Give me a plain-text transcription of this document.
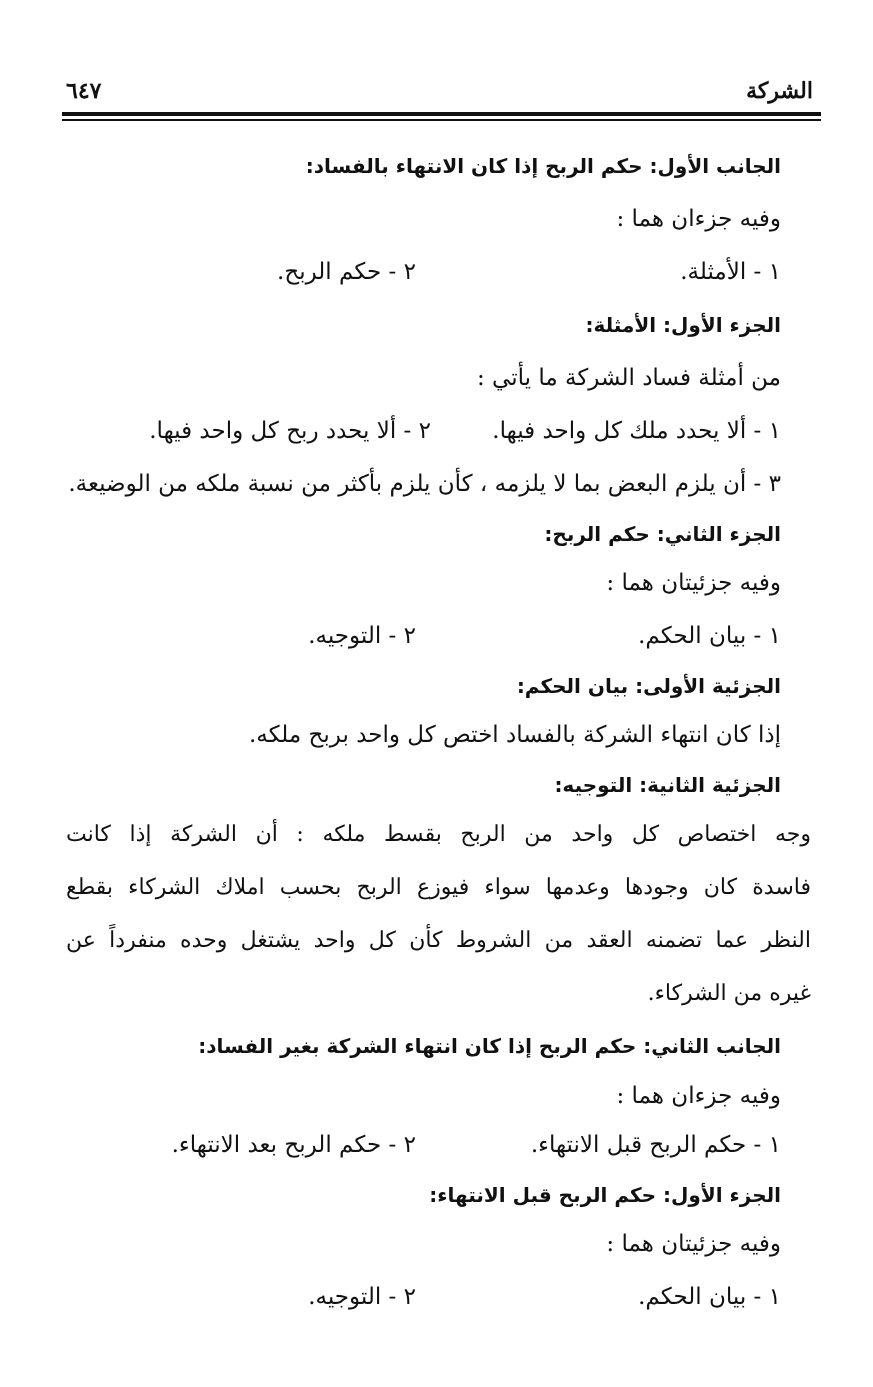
الشركة
٦٤٧
الجانب الأول: حكم الربح إذا كان الانتهاء بالفساد:
وفيه جزءان هما :
١ - الأمثلة.
٢ - حكم الربح.
الجزء الأول: الأمثلة:
من أمثلة فساد الشركة ما يأتي :
١ - ألا يحدد ملك كل واحد فيها.
٢ - ألا يحدد ربح كل واحد فيها.
٣ - أن يلزم البعض بما لا يلزمه ، كأن يلزم بأكثر من نسبة ملكه من الوضيعة.
الجزء الثاني: حكم الربح:
وفيه جزئيتان هما :
١ - بيان الحكم.
٢ - التوجيه.
الجزئية الأولى: بيان الحكم:
إذا كان انتهاء الشركة بالفساد اختص كل واحد بربح ملكه.
الجزئية الثانية: التوجيه:
وجه اختصاص كل واحد من الربح بقسط ملكه : أن الشركة إذا كانت
فاسدة كان وجودها وعدمها سواء فيوزع الربح بحسب املاك الشركاء بقطع
النظر عما تضمنه العقد من الشروط كأن كل واحد يشتغل وحده منفرداً عن
غيره من الشركاء.
الجانب الثاني: حكم الربح إذا كان انتهاء الشركة بغير الفساد:
وفيه جزءان هما :
١ - حكم الربح قبل الانتهاء.
٢ - حكم الربح بعد الانتهاء.
الجزء الأول: حكم الربح قبل الانتهاء:
وفيه جزئيتان هما :
١ - بيان الحكم.
٢ - التوجيه.
